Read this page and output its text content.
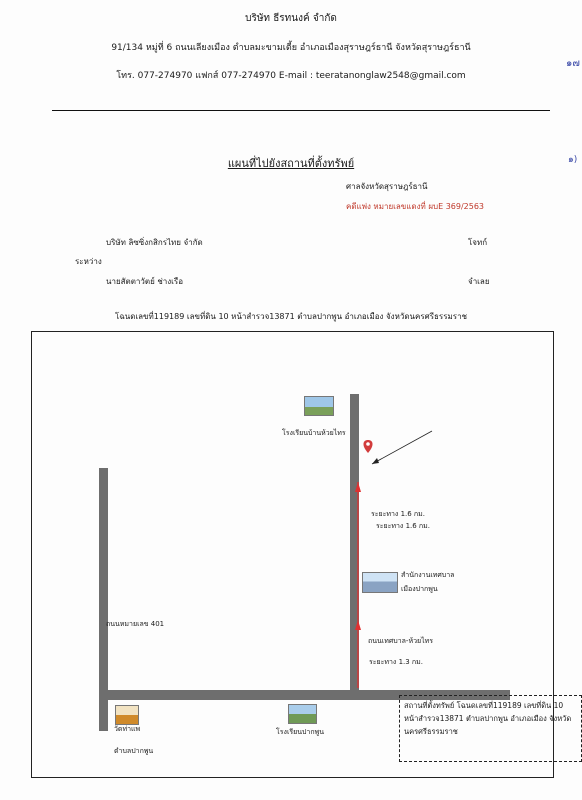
บริษัท ธีรทนงค์ จำกัด
91/134 หมู่ที่ 6 ถนนเลียงเมือง ตำบลมะขามเตี้ย อำเภอเมืองสุราษฎร์ธานี จังหวัดสุราษฎร์ธานี
โทร. 077-274970 แฟกส์ 077-274970 E-mail : teeratanonglaw2548@gmail.com
๑๗
๑)
แผนที่ไปยังสถานที่ตั้งทรัพย์
ศาลจังหวัดสุราษฎร์ธานี
คดีแพ่ง หมายเลขแดงที่ ผบE 369/2563
บริษัท ลิซซิ่งกสิกรไทย จำกัด	โจทก์
ระหว่าง
นายสัตตาวัตย์ ช่างเรือ	จำเลย
โฉนดเลขที่119189 เลขที่ดิน 10 หน้าสำรวจ13871 ตำบลปากพูน อำเภอเมือง จังหวัดนครศรีธรรมราช
โรงเรียนบ้านห้วยไทร
ระยะทาง 1.6 กม.
ระยะทาง 1.6 กม.
สำนักงานเทศบาล
เมืองปากพูน
ถนนหมายเลข 401
ถนนเทศบาล-ห้วยไทร
ระยะทาง 1.3 กม.
วัดท่าแพ
ตำบลปากพูน
โรงเรียนปากพูน
สถานที่ตั้งทรัพย์ โฉนดเลขที่119189 เลขที่ดิน 10 หน้าสำรวจ13871 ตำบลปากพูน อำเภอเมือง จังหวัดนครศรีธรรมราช
